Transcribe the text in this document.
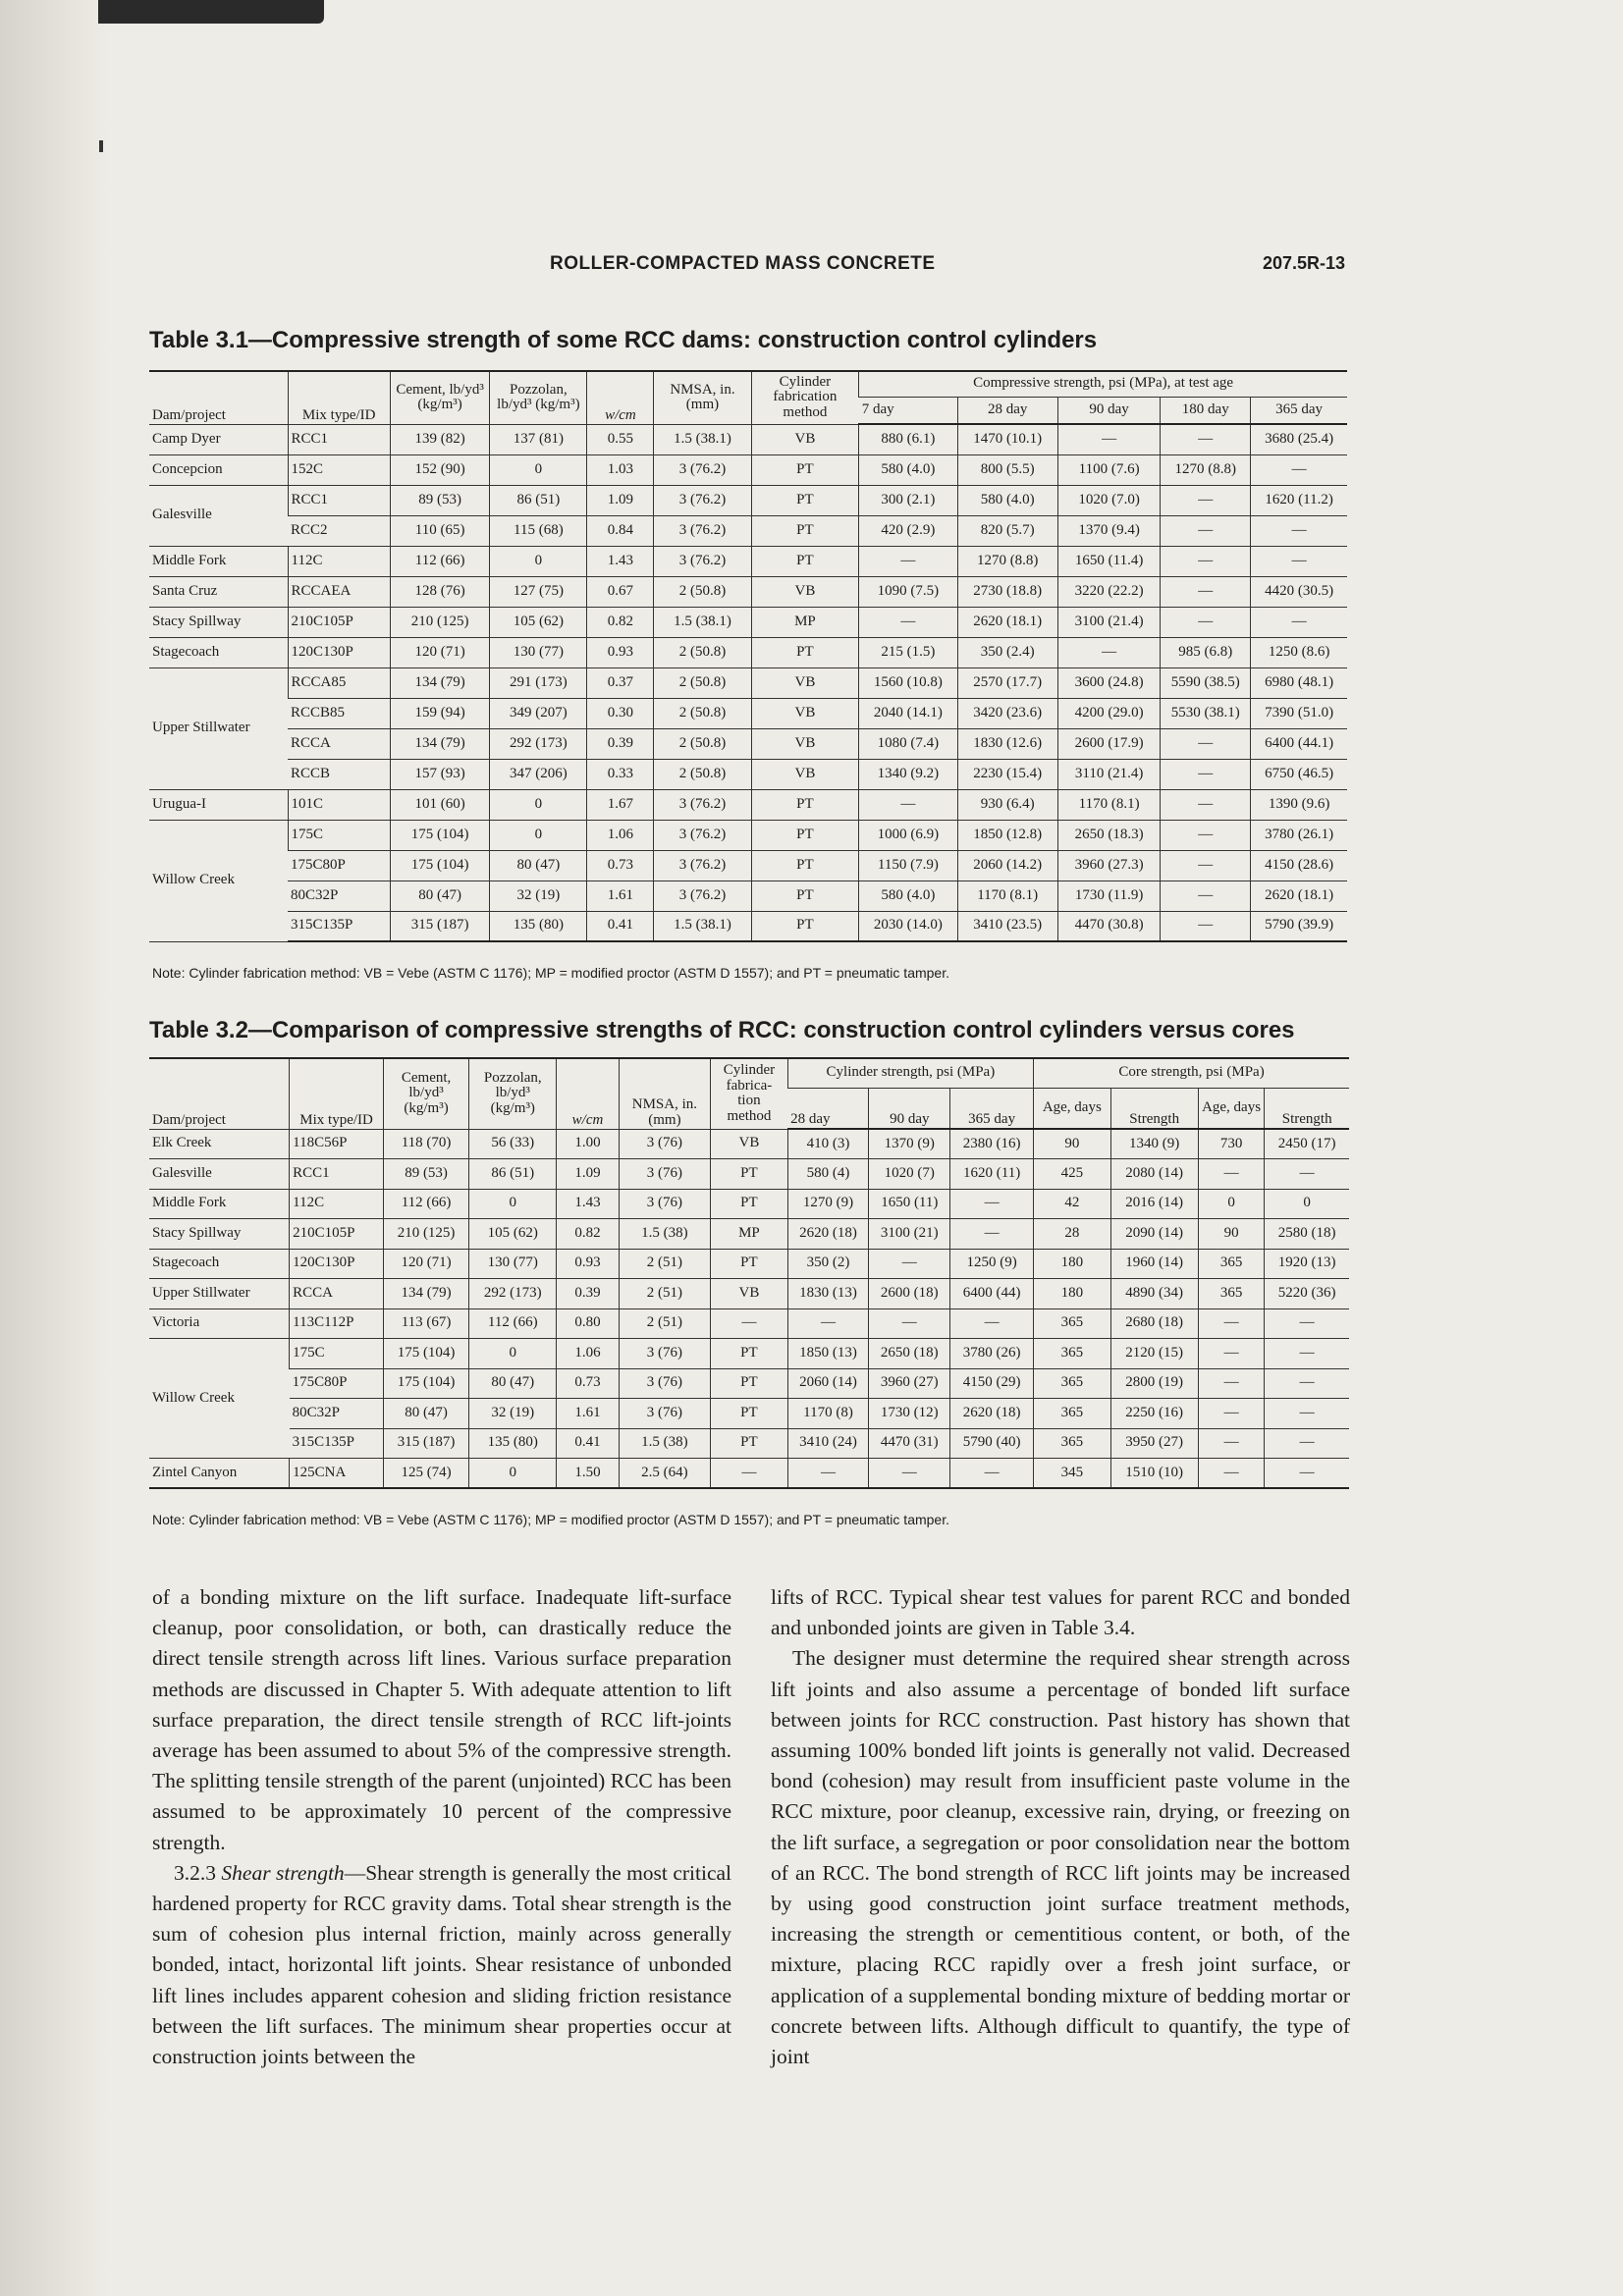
ROLLER-COMPACTED MASS CONCRETE	207.5R-13
Table 3.1—Compressive strength of some RCC dams: construction control cylinders
Dam/project	Mix type/ID	Cement, lb/yd³ (kg/m³)	Pozzolan, lb/yd³ (kg/m³)	w/cm	NMSA, in. (mm)	Cylinder fabrication method	Compressive strength, psi (MPa), at test age				
							7 day	28 day	90 day	180 day	365 day
Camp Dyer	RCC1	139 (82)	137 (81)	0.55	1.5 (38.1)	VB	880 (6.1)	1470 (10.1)	—	—	3680 (25.4)
Concepcion	152C	152 (90)	0	1.03	3 (76.2)	PT	580 (4.0)	800 (5.5)	1100 (7.6)	1270 (8.8)	—
Galesville	RCC1	89 (53)	86 (51)	1.09	3 (76.2)	PT	300 (2.1)	580 (4.0)	1020 (7.0)	—	1620 (11.2)
	RCC2	110 (65)	115 (68)	0.84	3 (76.2)	PT	420 (2.9)	820 (5.7)	1370 (9.4)	—	—
Middle Fork	112C	112 (66)	0	1.43	3 (76.2)	PT	—	1270 (8.8)	1650 (11.4)	—	—
Santa Cruz	RCCAEA	128 (76)	127 (75)	0.67	2 (50.8)	VB	1090 (7.5)	2730 (18.8)	3220 (22.2)	—	4420 (30.5)
Stacy Spillway	210C105P	210 (125)	105 (62)	0.82	1.5 (38.1)	MP	—	2620 (18.1)	3100 (21.4)	—	—
Stagecoach	120C130P	120 (71)	130 (77)	0.93	2 (50.8)	PT	215 (1.5)	350 (2.4)	—	985 (6.8)	1250 (8.6)
Upper Stillwater	RCCA85	134 (79)	291 (173)	0.37	2 (50.8)	VB	1560 (10.8)	2570 (17.7)	3600 (24.8)	5590 (38.5)	6980 (48.1)
	RCCB85	159 (94)	349 (207)	0.30	2 (50.8)	VB	2040 (14.1)	3420 (23.6)	4200 (29.0)	5530 (38.1)	7390 (51.0)
	RCCA	134 (79)	292 (173)	0.39	2 (50.8)	VB	1080 (7.4)	1830 (12.6)	2600 (17.9)	—	6400 (44.1)
	RCCB	157 (93)	347 (206)	0.33	2 (50.8)	VB	1340 (9.2)	2230 (15.4)	3110 (21.4)	—	6750 (46.5)
Urugua-I	101C	101 (60)	0	1.67	3 (76.2)	PT	—	930 (6.4)	1170 (8.1)	—	1390 (9.6)
Willow Creek	175C	175 (104)	0	1.06	3 (76.2)	PT	1000 (6.9)	1850 (12.8)	2650 (18.3)	—	3780 (26.1)
	175C80P	175 (104)	80 (47)	0.73	3 (76.2)	PT	1150 (7.9)	2060 (14.2)	3960 (27.3)	—	4150 (28.6)
	80C32P	80 (47)	32 (19)	1.61	3 (76.2)	PT	580 (4.0)	1170 (8.1)	1730 (11.9)	—	2620 (18.1)
	315C135P	315 (187)	135 (80)	0.41	1.5 (38.1)	PT	2030 (14.0)	3410 (23.5)	4470 (30.8)	—	5790 (39.9)
Note: Cylinder fabrication method: VB = Vebe (ASTM C 1176); MP = modified proctor (ASTM D 1557); and PT = pneumatic tamper.
Table 3.2—Comparison of compressive strengths of RCC: construction control cylinders versus cores
Dam/project	Mix type/ID	Cement, lb/yd³ (kg/m³)	Pozzolan, lb/yd³ (kg/m³)	w/cm	NMSA, in. (mm)	Cylinder fabrica- tion method	Cylinder strength, psi (MPa)			Core strength, psi (MPa)			
							28 day	90 day	365 day	Age, days	Strength	Age, days	Strength
Elk Creek	118C56P	118 (70)	56 (33)	1.00	3 (76)	VB	410 (3)	1370 (9)	2380 (16)	90	1340 (9)	730	2450 (17)
Galesville	RCC1	89 (53)	86 (51)	1.09	3 (76)	PT	580 (4)	1020 (7)	1620 (11)	425	2080 (14)	—	—
Middle Fork	112C	112 (66)	0	1.43	3 (76)	PT	1270 (9)	1650 (11)	—	42	2016 (14)	0	0
Stacy Spillway	210C105P	210 (125)	105 (62)	0.82	1.5 (38)	MP	2620 (18)	3100 (21)	—	28	2090 (14)	90	2580 (18)
Stagecoach	120C130P	120 (71)	130 (77)	0.93	2 (51)	PT	350 (2)	—	1250 (9)	180	1960 (14)	365	1920 (13)
Upper Stillwater	RCCA	134 (79)	292 (173)	0.39	2 (51)	VB	1830 (13)	2600 (18)	6400 (44)	180	4890 (34)	365	5220 (36)
Victoria	113C112P	113 (67)	112 (66)	0.80	2 (51)	—	—	—	—	365	2680 (18)	—	—
Willow Creek	175C	175 (104)	0	1.06	3 (76)	PT	1850 (13)	2650 (18)	3780 (26)	365	2120 (15)	—	—
	175C80P	175 (104)	80 (47)	0.73	3 (76)	PT	2060 (14)	3960 (27)	4150 (29)	365	2800 (19)	—	—
	80C32P	80 (47)	32 (19)	1.61	3 (76)	PT	1170 (8)	1730 (12)	2620 (18)	365	2250 (16)	—	—
	315C135P	315 (187)	135 (80)	0.41	1.5 (38)	PT	3410 (24)	4470 (31)	5790 (40)	365	3950 (27)	—	—
Zintel Canyon	125CNA	125 (74)	0	1.50	2.5 (64)	—	—	—	—	345	1510 (10)	—	—
Note: Cylinder fabrication method: VB = Vebe (ASTM C 1176); MP = modified proctor (ASTM D 1557); and PT = pneumatic tamper.

of a bonding mixture on the lift surface. Inadequate lift-surface cleanup, poor consolidation, or both, can drastically reduce the direct tensile strength across lift lines. Various surface preparation methods are discussed in Chapter 5. With adequate attention to lift surface preparation, the direct tensile strength of RCC lift-joints average has been assumed to about 5% of the compressive strength. The splitting tensile strength of the parent (unjointed) RCC has been assumed to be approximately 10 percent of the compressive strength.

3.2.3 Shear strength—Shear strength is generally the most critical hardened property for RCC gravity dams. Total shear strength is the sum of cohesion plus internal friction, mainly across generally bonded, intact, horizontal lift joints. Shear resistance of unbonded lift lines includes apparent cohesion and sliding friction resistance between the lift surfaces. The minimum shear properties occur at construction joints between the

lifts of RCC. Typical shear test values for parent RCC and bonded and unbonded joints are given in Table 3.4.

The designer must determine the required shear strength across lift joints and also assume a percentage of bonded lift surface between joints for RCC construction. Past history has shown that assuming 100% bonded lift joints is generally not valid. Decreased bond (cohesion) may result from insufficient paste volume in the RCC mixture, poor cleanup, excessive rain, drying, or freezing on the lift surface, a segregation or poor consolidation near the bottom of an RCC. The bond strength of RCC lift joints may be increased by using good construction joint surface treatment methods, increasing the strength or cementitious content, or both, of the mixture, placing RCC rapidly over a fresh joint surface, or application of a supplemental bonding mixture of bedding mortar or concrete between lifts. Although difficult to quantify, the type of joint
